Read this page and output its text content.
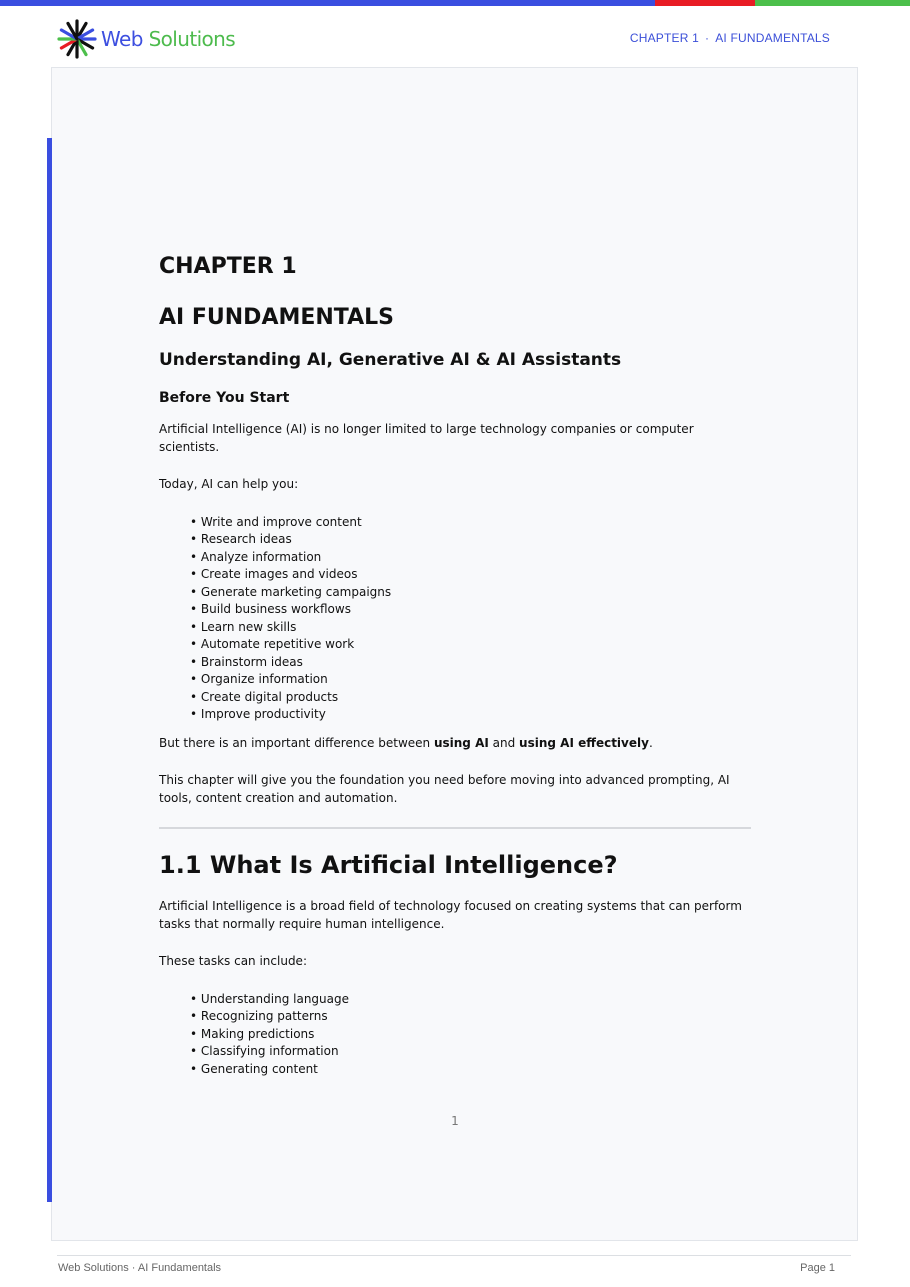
Web Solutions	CHAPTER 1 · AI FUNDAMENTALS
CHAPTER 1
AI FUNDAMENTALS
Understanding AI, Generative AI & AI Assistants
Before You Start

Artificial Intelligence (AI) is no longer limited to large technology companies or computer scientists.

Today, AI can help you:

• Write and improve content
• Research ideas
• Analyze information
• Create images and videos
• Generate marketing campaigns
• Build business workflows
• Learn new skills
• Automate repetitive work
• Brainstorm ideas
• Organize information
• Create digital products
• Improve productivity

But there is an important difference between using AI and using AI effectively.

This chapter will give you the foundation you need before moving into advanced prompting, AI tools, content creation and automation.

1.1 What Is Artificial Intelligence?

Artificial Intelligence is a broad field of technology focused on creating systems that can perform tasks that normally require human intelligence.

These tasks can include:

• Understanding language
• Recognizing patterns
• Making predictions
• Classifying information
• Generating content
1
Web Solutions · AI Fundamentals	Page 1
